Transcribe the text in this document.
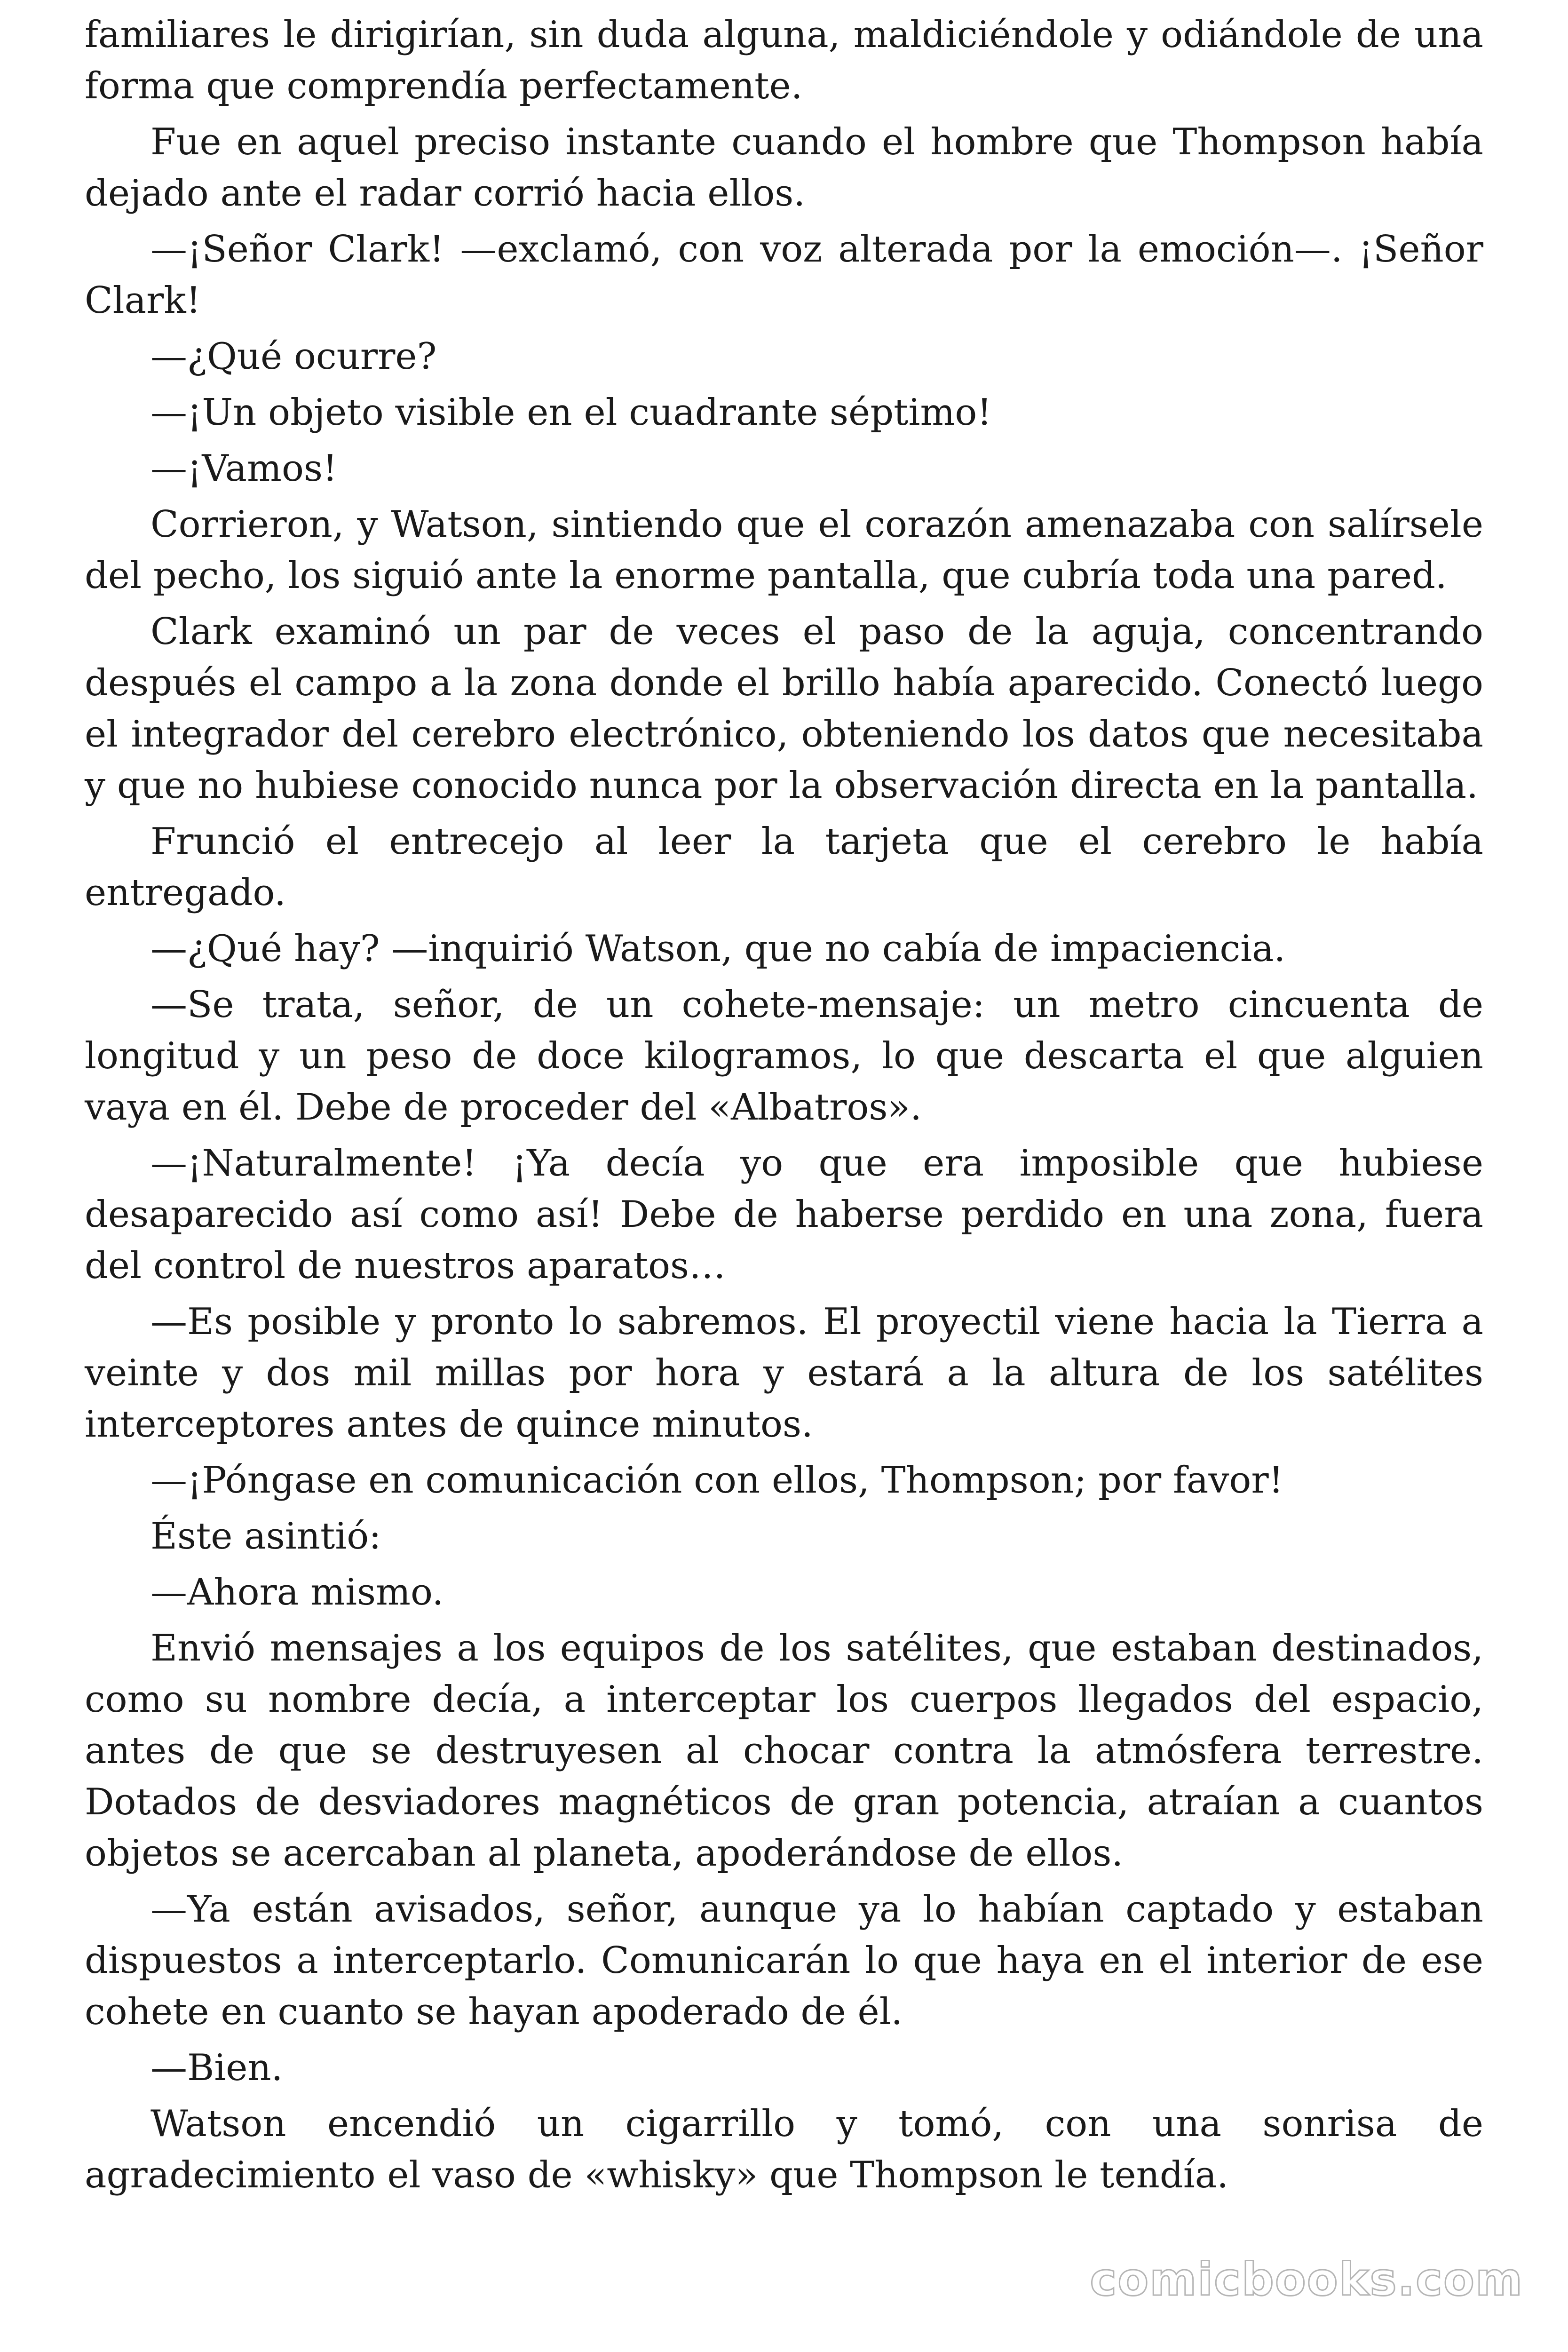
familiares le dirigirían, sin duda alguna, maldiciéndole y odiándole de una forma que comprendía perfectamente.

Fue en aquel preciso instante cuando el hombre que Thompson había dejado ante el radar corrió hacia ellos.

—¡Señor Clark! —exclamó, con voz alterada por la emoción—. ¡Señor Clark!

—¿Qué ocurre?

—¡Un objeto visible en el cuadrante séptimo!

—¡Vamos!

Corrieron, y Watson, sintiendo que el corazón amenazaba con salírsele del pecho, los siguió ante la enorme pantalla, que cubría toda una pared.

Clark examinó un par de veces el paso de la aguja, concentrando después el campo a la zona donde el brillo había aparecido. Conectó luego el integrador del cerebro electrónico, obteniendo los datos que necesitaba y que no hubiese conocido nunca por la observación directa en la pantalla.

Frunció el entrecejo al leer la tarjeta que el cerebro le había entregado.

—¿Qué hay? —inquirió Watson, que no cabía de impaciencia.

—Se trata, señor, de un cohete-mensaje: un metro cincuenta de longitud y un peso de doce kilogramos, lo que descarta el que alguien vaya en él. Debe de proceder del «Albatros».

—¡Naturalmente! ¡Ya decía yo que era imposible que hubiese desaparecido así como así! Debe de haberse perdido en una zona, fuera del control de nuestros aparatos…

—Es posible y pronto lo sabremos. El proyectil viene hacia la Tierra a veinte y dos mil millas por hora y estará a la altura de los satélites interceptores antes de quince minutos.

—¡Póngase en comunicación con ellos, Thompson; por favor!

Éste asintió:

—Ahora mismo.

Envió mensajes a los equipos de los satélites, que estaban destinados, como su nombre decía, a interceptar los cuerpos llegados del espacio, antes de que se destruyesen al chocar contra la atmósfera terrestre. Dotados de desviadores magnéticos de gran potencia, atraían a cuantos objetos se acercaban al planeta, apoderándose de ellos.

—Ya están avisados, señor, aunque ya lo habían captado y estaban dispuestos a interceptarlo. Comunicarán lo que haya en el interior de ese cohete en cuanto se hayan apoderado de él.

—Bien.

Watson encendió un cigarrillo y tomó, con una sonrisa de agradecimiento el vaso de «whisky» que Thompson le tendía.

comicbooks.com
